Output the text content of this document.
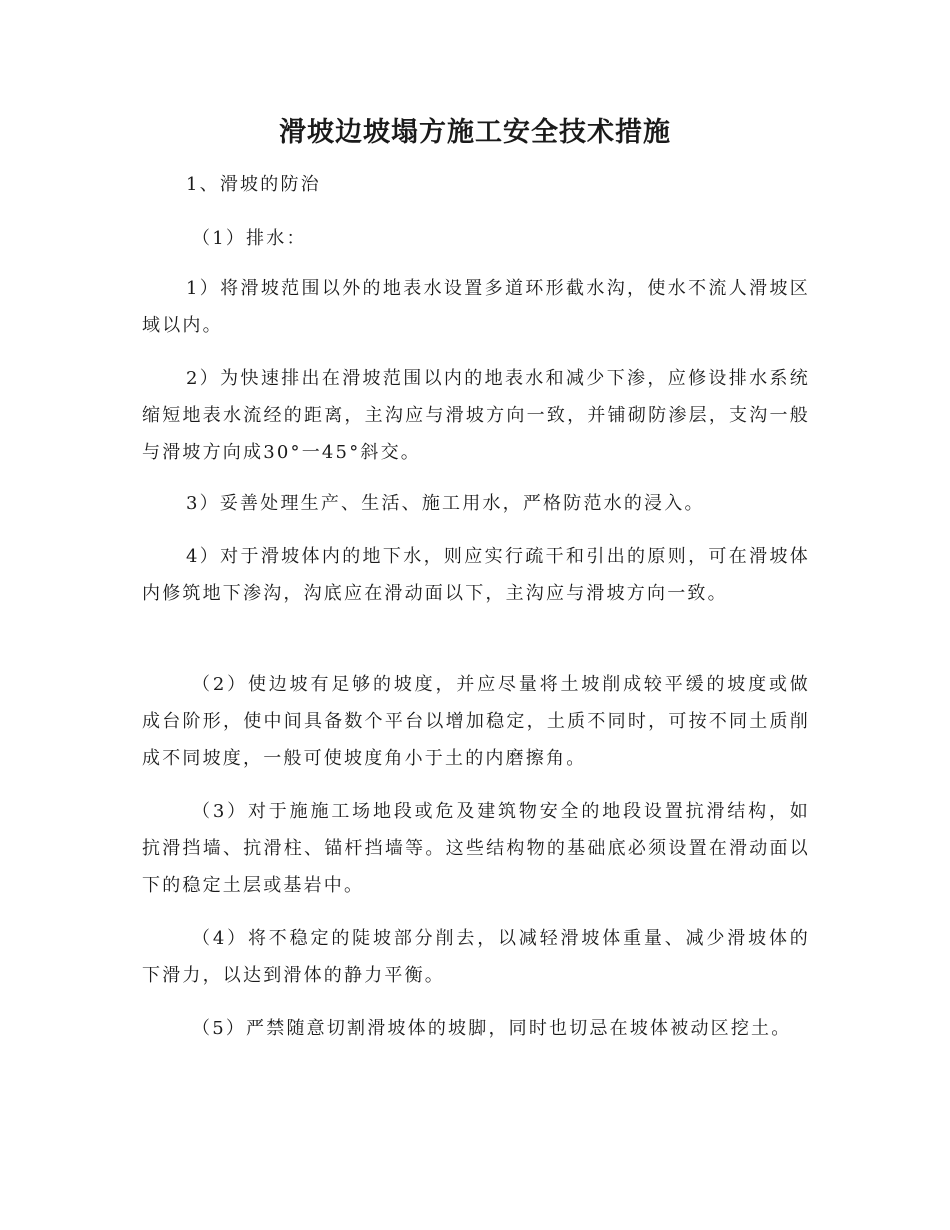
滑坡边坡塌方施工安全技术措施

1、滑坡的防治

（1）排水：

1）将滑坡范围以外的地表水设置多道环形截水沟，使水不流人滑坡区域以内。

2）为快速排出在滑坡范围以内的地表水和减少下渗，应修设排水系统缩短地表水流经的距离，主沟应与滑坡方向一致，并铺砌防渗层，支沟一般与滑坡方向成30°一45°斜交。

3）妥善处理生产、生活、施工用水，严格防范水的浸入。

4）对于滑坡体内的地下水，则应实行疏干和引出的原则，可在滑坡体内修筑地下渗沟，沟底应在滑动面以下，主沟应与滑坡方向一致。

（2）使边坡有足够的坡度，并应尽量将土坡削成较平缓的坡度或做成台阶形，使中间具备数个平台以增加稳定，土质不同时，可按不同土质削成不同坡度，一般可使坡度角小于土的内磨擦角。

（3）对于施施工场地段或危及建筑物安全的地段设置抗滑结构，如抗滑挡墙、抗滑柱、锚杆挡墙等。这些结构物的基础底必须设置在滑动面以下的稳定土层或基岩中。

（4）将不稳定的陡坡部分削去，以减轻滑坡体重量、减少滑坡体的下滑力，以达到滑体的静力平衡。

（5）严禁随意切割滑坡体的坡脚，同时也切忌在坡体被动区挖土。
